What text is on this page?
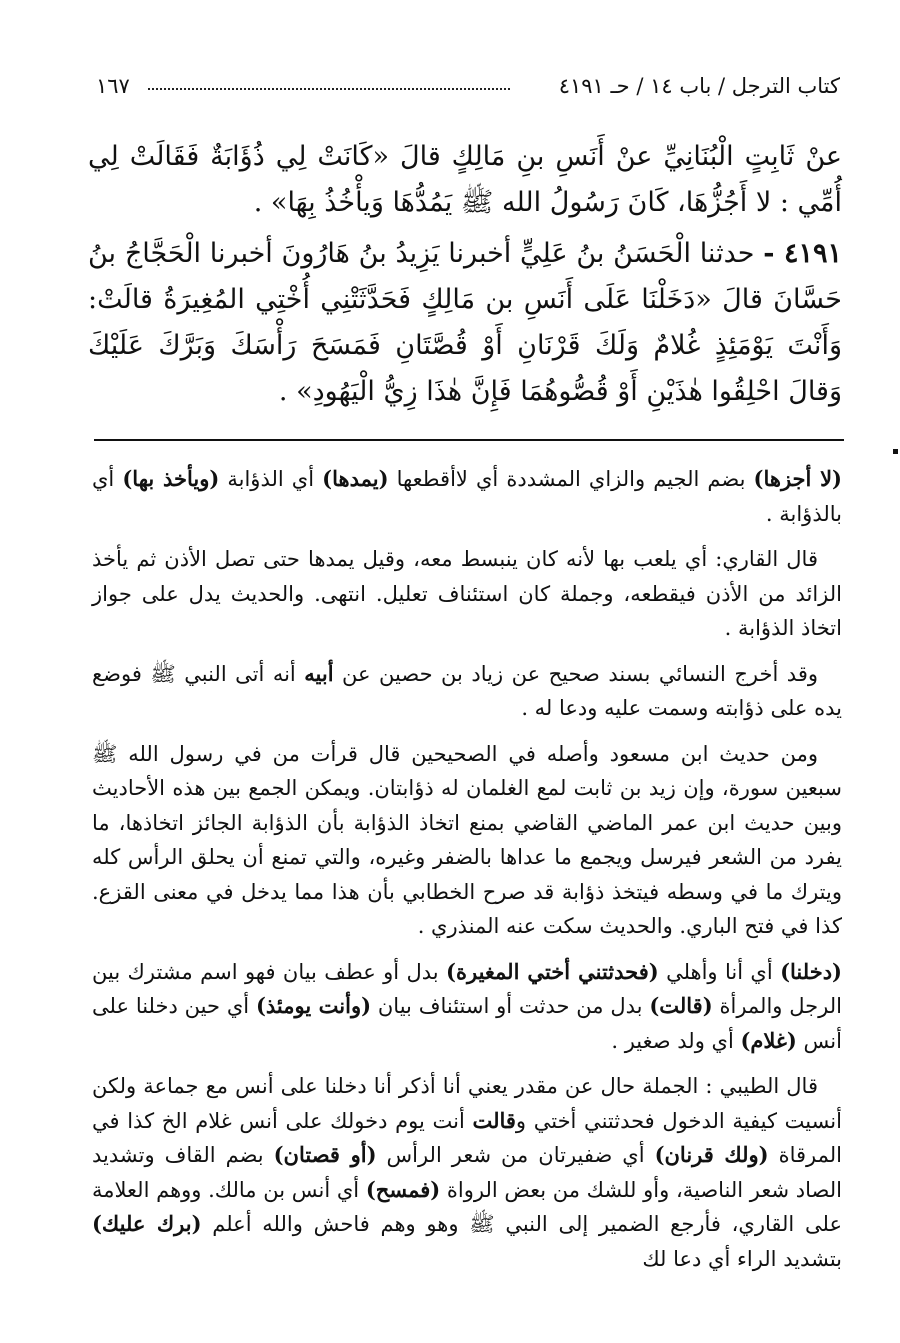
كتاب الترجل / باب ١٤ / حـ ٤١٩١
١٦٧
عنْ ثَابِتٍ الْبُنَانِيِّ عنْ أَنَسِ بنِ مَالِكٍ قالَ «كَانَتْ لِي ذُؤَابَةٌ فَقَالَتْ لِي أُمِّي : لا أَجُزُّهَا، كَانَ رَسُولُ الله ﷺ يَمُدُّهَا وَيأْخُذُ بِهَا» .
٤١٩١ - حدثنا الْحَسَنُ بنُ عَلِيٍّ أخبرنا يَزِيدُ بنُ هَارُونَ أخبرنا الْحَجَّاجُ بنُ حَسَّانَ قالَ «دَخَلْنَا عَلَى أَنَسِ بن مَالِكٍ فَحَدَّثَتْنِي أُخْتِي المُغِيرَةُ قالَتْ: وَأَنْتَ يَوْمَئِذٍ غُلامٌ وَلَكَ قَرْنَانِ أَوْ قُصَّتَانِ فَمَسَحَ رَأْسَكَ وَبَرَّكَ عَلَيْكَ وَقالَ احْلِقُوا هٰذَيْنِ أَوْ قُصُّوهُمَا فَإِنَّ هٰذَا زِيُّ الْيَهُودِ» .

(لا أجزها) بضم الجيم والزاي المشددة أي لاأقطعها (يمدها) أي الذؤابة (ويأخذ بها) أي بالذؤابة .

قال القاري: أي يلعب بها لأنه كان ينبسط معه، وقيل يمدها حتى تصل الأذن ثم يأخذ الزائد من الأذن فيقطعه، وجملة كان استئناف تعليل. انتهى. والحديث يدل على جواز اتخاذ الذؤابة .

وقد أخرج النسائي بسند صحيح عن زياد بن حصين عن أبيه أنه أتى النبي ﷺ فوضع يده على ذؤابته وسمت عليه ودعا له .

ومن حديث ابن مسعود وأصله في الصحيحين قال قرأت من في رسول الله ﷺ سبعين سورة، وإن زيد بن ثابت لمع الغلمان له ذؤابتان. ويمكن الجمع بين هذه الأحاديث وبين حديث ابن عمر الماضي القاضي بمنع اتخاذ الذؤابة بأن الذؤابة الجائز اتخاذها، ما يفرد من الشعر فيرسل ويجمع ما عداها بالضفر وغيره، والتي تمنع أن يحلق الرأس كله ويترك ما في وسطه فيتخذ ذؤابة قد صرح الخطابي بأن هذا مما يدخل في معنى القزع. كذا في فتح الباري. والحديث سكت عنه المنذري .

(دخلنا) أي أنا وأهلي (فحدثتني أختي المغيرة) بدل أو عطف بيان فهو اسم مشترك بين الرجل والمرأة (قالت) بدل من حدثت أو استئناف بيان (وأنت يومئذ) أي حين دخلنا على أنس (غلام) أي ولد صغير .

قال الطيبي : الجملة حال عن مقدر يعني أنا أذكر أنا دخلنا على أنس مع جماعة ولكن أنسيت كيفية الدخول فحدثتني أختي وقالت أنت يوم دخولك على أنس غلام الخ كذا في المرقاة (ولك قرنان) أي ضفيرتان من شعر الرأس (أو قصتان) بضم القاف وتشديد الصاد شعر الناصية، وأو للشك من بعض الرواة (فمسح) أي أنس بن مالك. ووهم العلامة على القاري، فأرجع الضمير إلى النبي ﷺ وهو وهم فاحش والله أعلم (برك عليك) بتشديد الراء أي دعا لك
